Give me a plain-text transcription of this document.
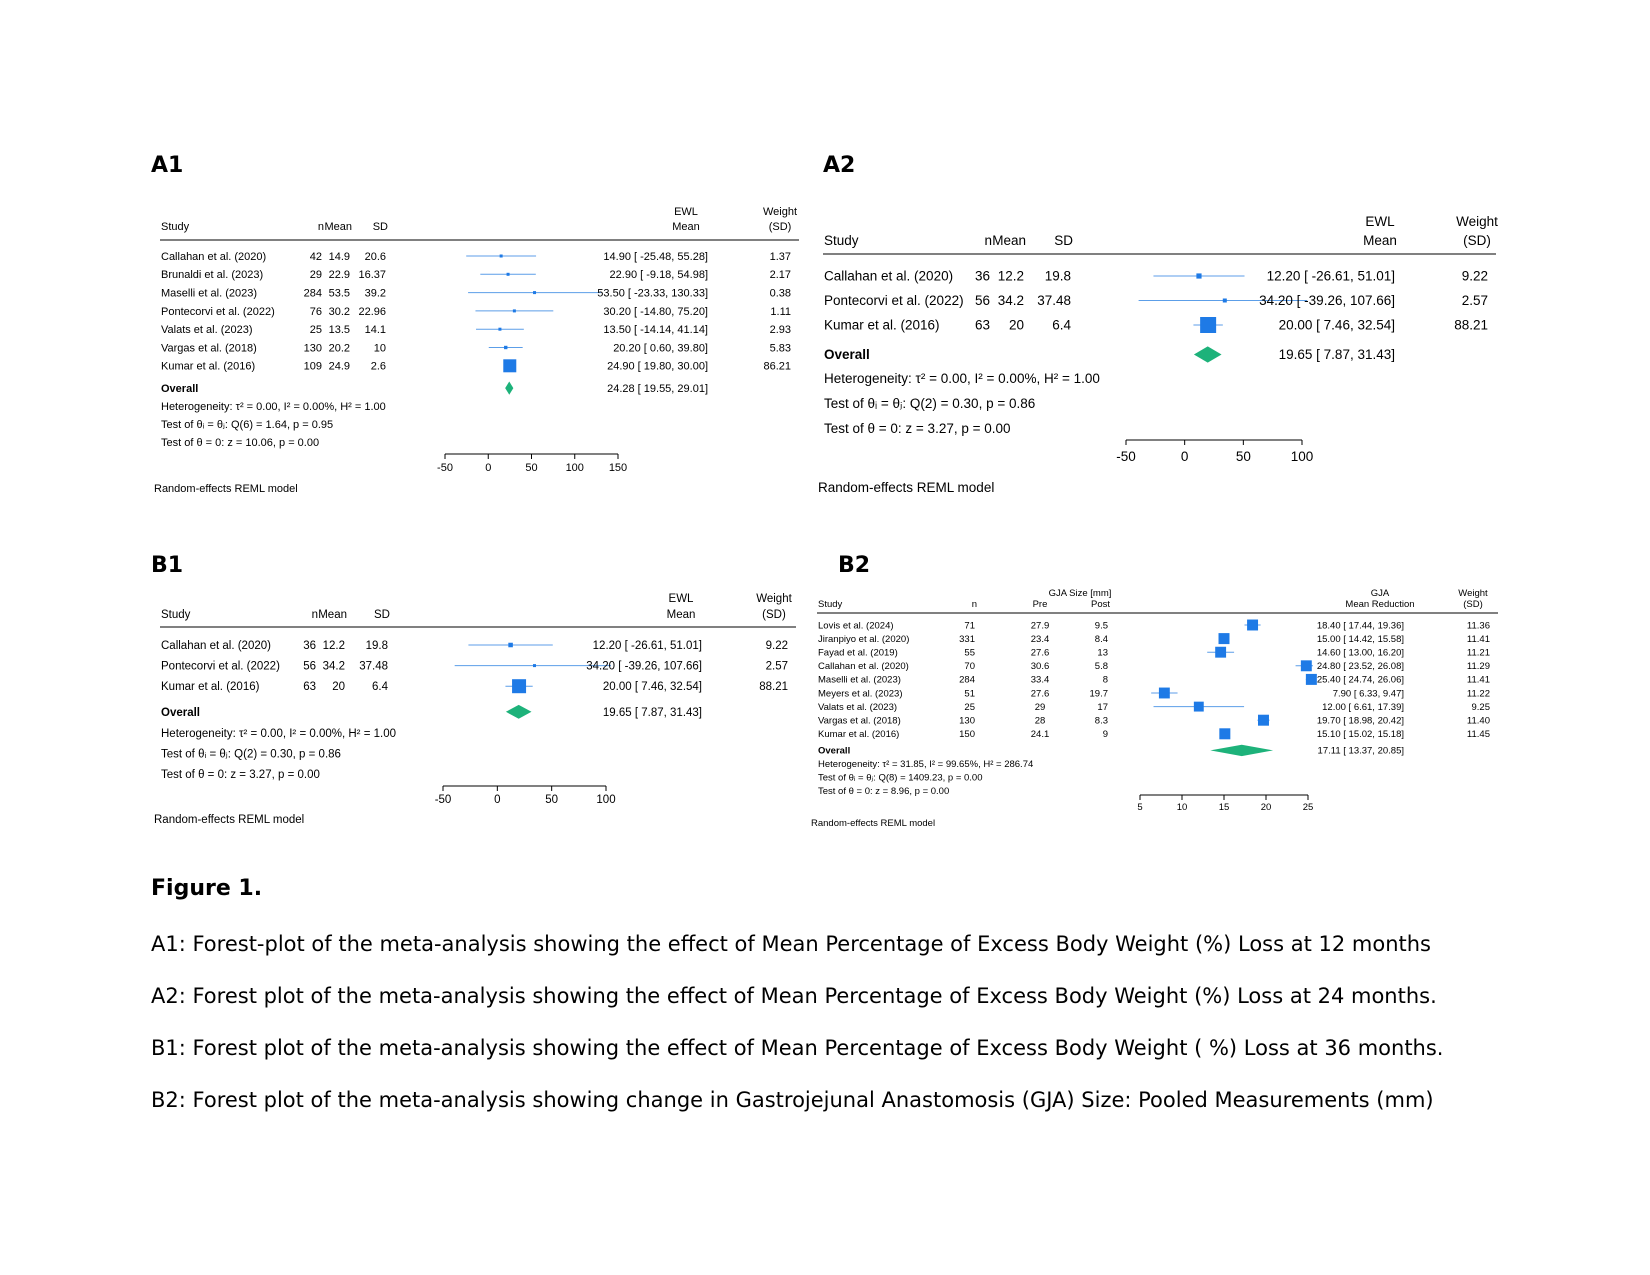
A1	A2
B1	B2
Study	n Mean SD
EWL
Mean
Weight
(SD)
Callahan et al. (2020)	42 14.9 20.6	14.90 [ -25.48, 55.28]	1.37
Brunaldi et al. (2023)	29 22.9 16.37	22.90 [ -9.18, 54.98]	2.17
Maselli et al. (2023)	284 53.5 39.2	53.50 [ -23.33, 130.33]	0.38
Pontecorvi et al. (2022)	76 30.2 22.96	30.20 [ -14.80, 75.20]	1.11
Valats et al. (2023)	25 13.5 14.1	13.50 [ -14.14, 41.14]	2.93
Vargas et al. (2018)	130 20.2 10	20.20 [ 0.60, 39.80]	5.83
Kumar et al. (2016)	109 24.9 2.6	24.90 [ 19.80, 30.00]	86.21
Overall	24.28 [ 19.55, 29.01]
Heterogeneity: τ² = 0.00, I² = 0.00%, H² = 1.00
Test of θᵢ = θⱼ: Q(6) = 1.64, p = 0.95
Test of θ = 0: z = 10.06, p = 0.00
-50	0	50	100 150
Random-effects REML model
Study	n Mean SD
EWL
Mean
Weight
(SD)
Callahan et al. (2020) 36 12.2 19.8	12.20 [ -26.61, 51.01]	9.22
Pontecorvi et al. (2022) 56 34.2 37.48	34.20 [ -39.26, 107.66]	2.57
Kumar et al. (2016)	63 20 6.4	20.00 [ 7.46, 32.54]	88.21
Overall	19.65 [ 7.87, 31.43]
Heterogeneity: τ² = 0.00, I² = 0.00%, H² = 1.00
Test of θᵢ = θⱼ: Q(2) = 0.30, p = 0.86
Test of θ = 0: z = 3.27, p = 0.00
-50	0	50	100
Random-effects REML model
Study	n Mean SD
EWL
Mean
Weight
(SD)
Callahan et al. (2020)	36 12.2 19.8	12.20 [ -26.61, 51.01]	9.22
Pontecorvi et al. (2022) 56 34.2 37.48	34.20 [ -39.26, 107.66]	2.57
Kumar et al. (2016)	63 20 6.4	20.00 [ 7.46, 32.54]	88.21
Overall	19.65 [ 7.87, 31.43]
Heterogeneity: τ² = 0.00, I² = 0.00%, H² = 1.00
Test of θᵢ = θⱼ: Q(2) = 0.30, p = 0.86
Test of θ = 0: z = 3.27, p = 0.00
-50	0	50	100
Random-effects REML model
GJA Size [mm]
Study	n	Pre	Post
GJA
Mean Reduction
Weight
(SD)
Lovis et al. (2024)	71	27.9	9.5	18.40 [ 17.44, 19.36]	11.36
Jiranpiyo et al. (2020)	331	23.4	8.4	15.00 [ 14.42, 15.58]	11.41
Fayad et al. (2019)	55	27.6	13	14.60 [ 13.00, 16.20]	11.21
Callahan et al. (2020)	70	30.6	5.8	24.80 [ 23.52, 26.08]	11.29
Maselli et al. (2023)	284	33.4	8	25.40 [ 24.74, 26.06]	11.41
Meyers et al. (2023)	51	27.6	19.7	7.90 [ 6.33, 9.47]	11.22
Valats et al. (2023)	25	29	17	12.00 [ 6.61, 17.39]	9.25
Vargas et al. (2018)	130	28	8.3	19.70 [ 18.98, 20.42]	11.40
Kumar et al. (2016)	150	24.1	9	15.10 [ 15.02, 15.18]	11.45
Overall	17.11 [ 13.37, 20.85]
Heterogeneity: τ² = 31.85, I² = 99.65%, H² = 286.74
Test of θᵢ = θⱼ: Q(8) = 1409.23, p = 0.00
Test of θ = 0: z = 8.96, p = 0.00
5	10	15	20	25
Random-effects REML model
Figure 1.
A1: Forest-plot of the meta-analysis showing the effect of Mean Percentage of Excess Body Weight (%) Loss at 12 months
A2: Forest plot of the meta-analysis showing the effect of Mean Percentage of Excess Body Weight (%) Loss at 24 months.
B1: Forest plot of the meta-analysis showing the effect of Mean Percentage of Excess Body Weight ( %) Loss at 36 months.
B2: Forest plot of the meta-analysis showing change in Gastrojejunal Anastomosis (GJA) Size: Pooled Measurements (mm)
